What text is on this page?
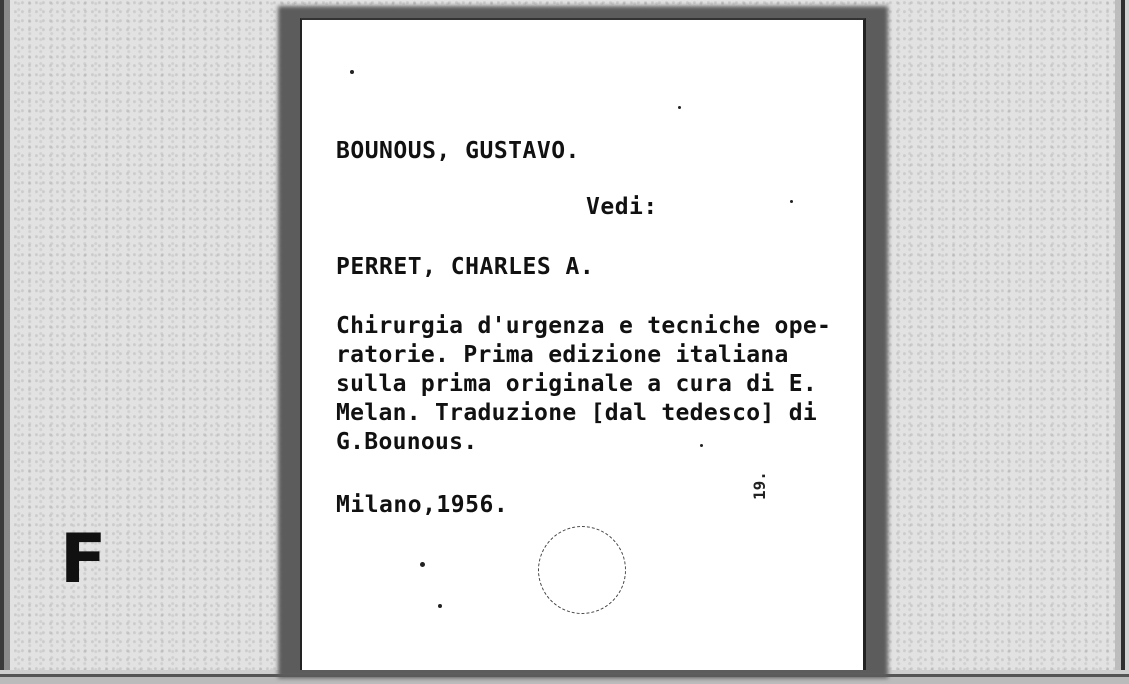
F
BOUNOUS, GUSTAVO.
Vedi:
PERRET, CHARLES A.
Chirurgia d'urgenza e tecniche ope-
ratorie. Prima edizione italiana
sulla prima originale a cura di E.
Melan. Traduzione [dal tedesco] di
G.Bounous.
Milano,1956.
19.
